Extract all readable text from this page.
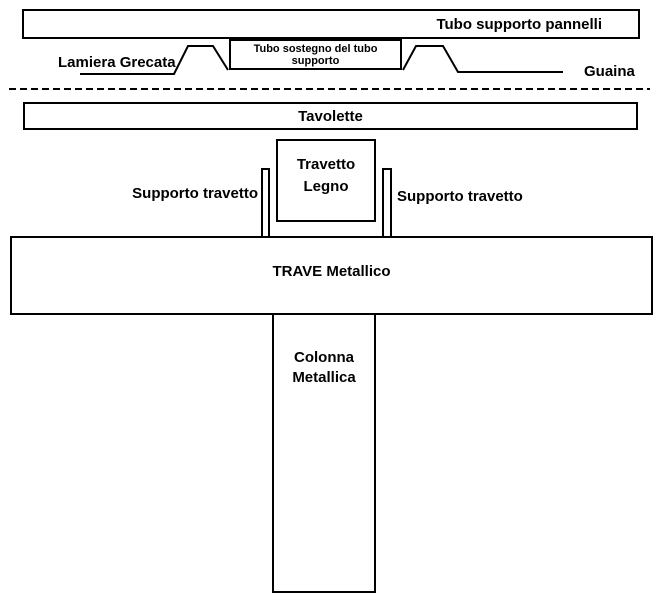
Tubo supporto pannelli
Tubo sostegno del tubo supporto
Lamiera Grecata
Guaina
Tavolette
Travetto
Legno
Supporto travetto	Supporto travetto
TRAVE Metallico
Colonna
Metallica
